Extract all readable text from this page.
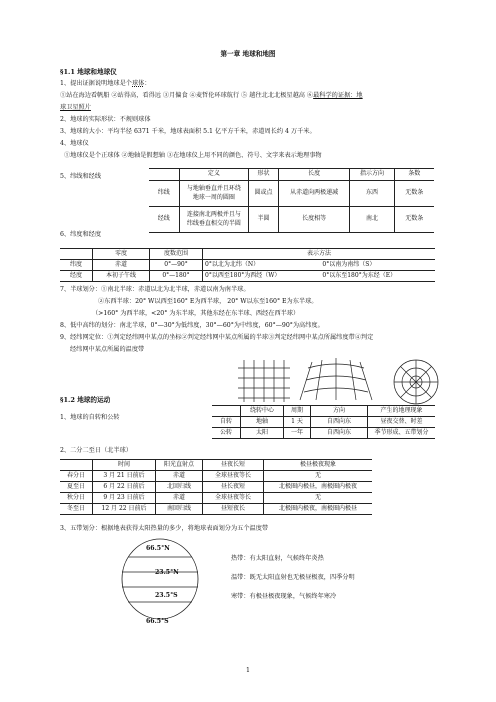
第一章 地球和地图
§1.1 地球和地球仪
1、提出证据说明地球是个球体：
①站在海边看帆船 ②站得高，看得远 ③月偏食 ④麦哲伦环球航行 ⑤ 越往北北北极星越高 ⑥最科学的证据：地
球卫星照片
2、地球的实际形状：不规则球体
3、地球的大小：平均半径 6371 千米，地球表面积 5.1 亿平方千米，赤道周长约 4 万千米。
4、地球仪
①地球仪是个正球体 ②地轴是假想轴 ③在地球仪上用不同的颜色、符号、文字来表示地理事物
5、纬线和经线
		定义	形状	长度	指示方向	条数
纬线	与地轴垂直并且环绕
地球一周的圆圈	圆或点	从赤道向两极递减	东西	无数条
经线	连接南北两极并且与
纬线垂直相交的半圆	半圆	长度相等	南北	无数条
6、纬度和经度
	零度	度数范围	表示方法	
纬度	赤道	0°—90°	0°以北为北纬（N）	0°以南为南纬（S）
经度	本初子午线	0°—180°	0°以西至180°为西经（W）	0°以东至180°为东经（E）
7、半球划分：①南北半球：赤道以北为北半球，赤道以南为南半球。
②东西半球：20° W以西至160° E为西半球， 20° W以东至160° E为东半球。
（>160° 为西半球，<20° 为东半球，其他东经在东半球、西经在西半球）
8、低中高纬的划分：南北半球，0°—30°为低纬度，30°—60°为中纬度，60°—90°为高纬度。
9、经纬网定位：①判定经纬网中某点的坐标②判定经纬网中某点所属的半球③判定经纬网中某点所属纬度带④判定
经纬网中某点所属的温度带
§1.2 地球的运动
1、地球的自转和公转
	绕转中心	周期	方向	产生的地理现象
自转	地轴	1 天	自西向东	昼夜交替、时差
公转	太阳	一年	自西向东	季节形成、五带划分
2、二分二至日（北半球）
	时间	阳光直射点	昼夜长短	极昼极夜现象
春分日	3 月 21 日前后	赤道	全球昼夜等长	无
夏至日	6 月 22 日前后	北回归线	昼长夜短	北极圈内极昼，南极圈内极夜
秋分日	9 月 23 日前后	赤道	全球昼夜等长	无
冬至日	12 月 22 日前后	南回归线	昼短夜长	北极圈内极夜，南极圈内极昼
3、五带划分：根据地表获得太阳热量的多少，将地球表面划分为五个温度带
66.5°N
23.5°N
23.5°S
66.5°S
热带：有太阳直射，气候终年炎热
温带：既无太阳直射也无极昼极夜，四季分明
寒带：有极昼极夜现象，气候终年寒冷
1
